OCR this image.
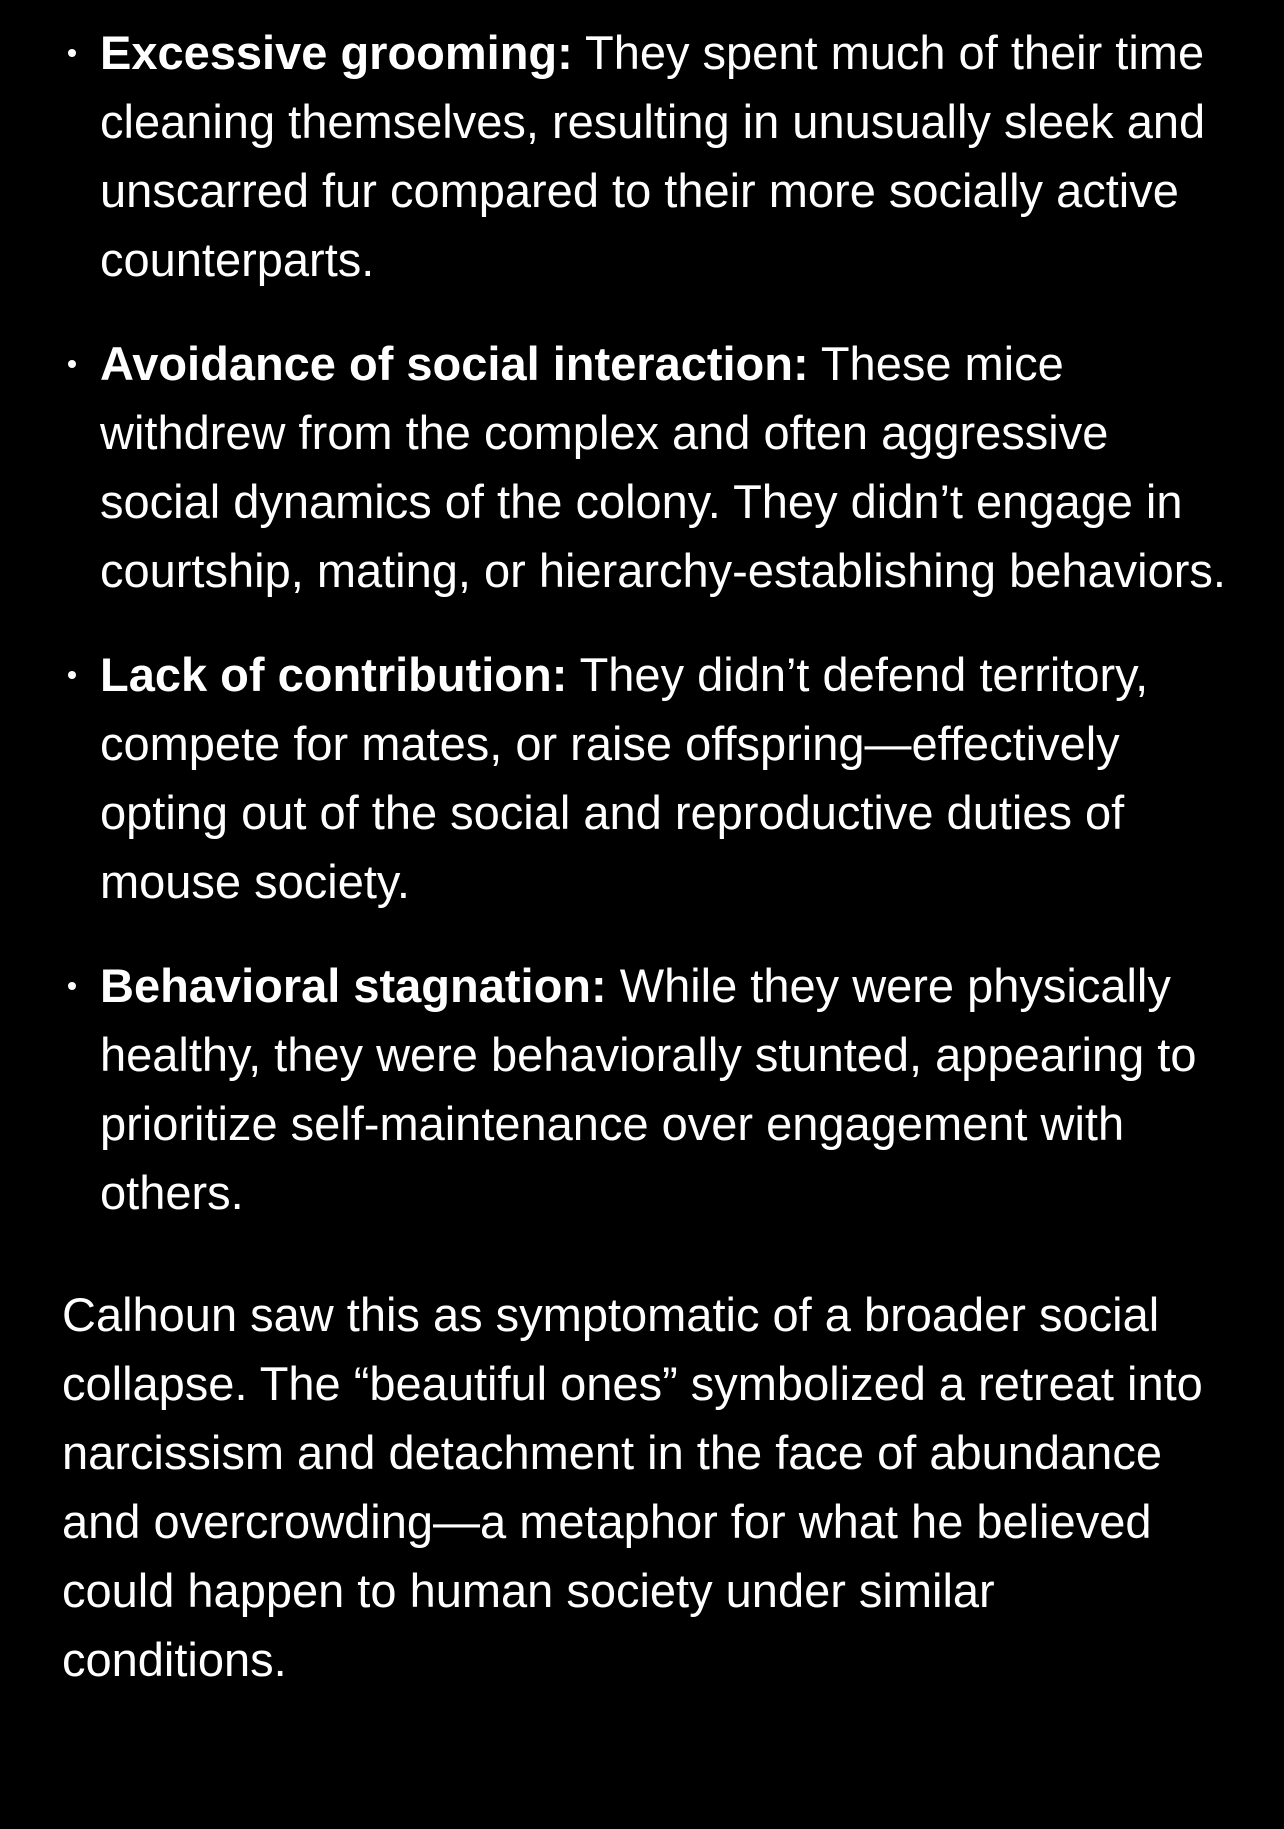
Excessive grooming: They spent much of their time cleaning themselves, resulting in unusually sleek and unscarred fur compared to their more socially active counterparts.
Avoidance of social interaction: These mice withdrew from the complex and often aggressive social dynamics of the colony. They didn’t engage in courtship, mating, or hierarchy-establishing behaviors.
Lack of contribution: They didn’t defend territory, compete for mates, or raise offspring—effectively opting out of the social and reproductive duties of mouse society.
Behavioral stagnation: While they were physically healthy, they were behaviorally stunted, appearing to prioritize self-maintenance over engagement with others.

Calhoun saw this as symptomatic of a broader social collapse. The “beautiful ones” symbolized a retreat into narcissism and detachment in the face of abundance and overcrowding—a metaphor for what he believed could happen to human society under similar conditions.
